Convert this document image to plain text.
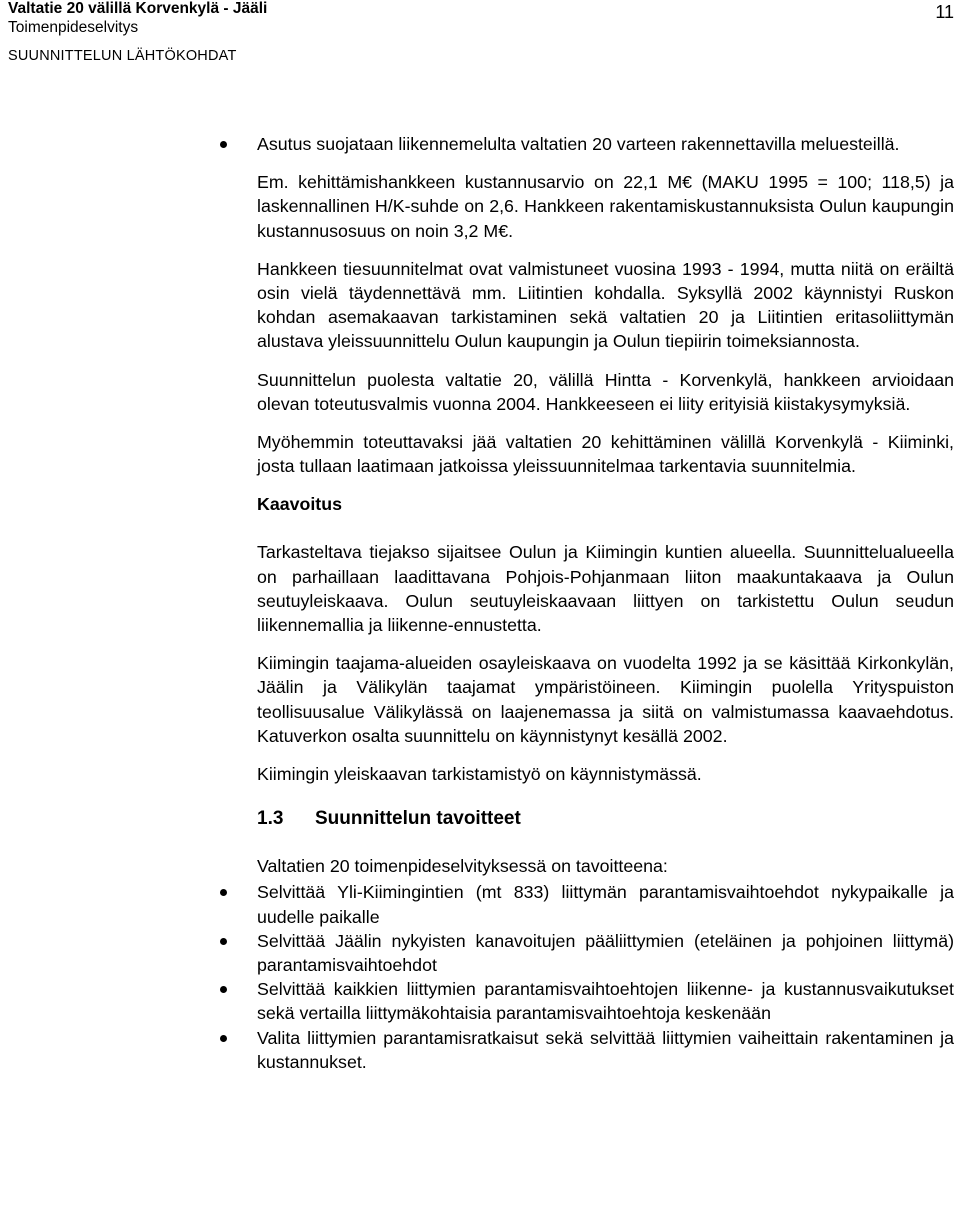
Valtatie 20 välillä Korvenkylä - Jääli
Toimenpideselvitys
SUUNNITTELUN LÄHTÖKOHDAT
11

Asutus suojataan liikennemelulta valtatien 20 varteen rakennettavilla meluesteillä.

Em. kehittämishankkeen kustannusarvio on 22,1 M€ (MAKU 1995 = 100; 118,5) ja laskennallinen H/K-suhde on 2,6. Hankkeen rakentamiskustannuksista Oulun kaupungin kustannusosuus on noin 3,2 M€.

Hankkeen tiesuunnitelmat ovat valmistuneet vuosina 1993 - 1994, mutta niitä on eräiltä osin vielä täydennettävä mm. Liitintien kohdalla. Syksyllä 2002 käynnistyi Ruskon kohdan asemakaavan tarkistaminen sekä valtatien 20 ja Liitintien eritasoliittymän alustava yleissuunnittelu Oulun kaupungin ja Oulun tiepiirin toimeksiannosta.

Suunnittelun puolesta valtatie 20, välillä Hintta - Korvenkylä, hankkeen arvioidaan olevan toteutusvalmis vuonna 2004. Hankkeeseen ei liity erityisiä kiistakysymyksiä.

Myöhemmin toteuttavaksi jää valtatien 20 kehittäminen välillä Korvenkylä - Kiiminki, josta tullaan laatimaan jatkoissa yleissuunnitelmaa tarkentavia suunnitelmia.

Kaavoitus

Tarkasteltava tiejakso sijaitsee Oulun ja Kiimingin kuntien alueella. Suunnittelualueella on parhaillaan laadittavana Pohjois-Pohjanmaan liiton maakuntakaava ja Oulun seutuyleiskaava. Oulun seutuyleiskaavaan liittyen on tarkistettu Oulun seudun liikennemallia ja liikenne-ennustetta.

Kiimingin taajama-alueiden osayleiskaava on vuodelta 1992 ja se käsittää Kirkonkylän, Jäälin ja Välikylän taajamat ympäristöineen. Kiimingin puolella Yrityspuiston teollisuusalue Välikylässä on laajenemassa ja siitä on valmistumassa kaavaehdotus. Katuverkon osalta suunnittelu on käynnistynyt kesällä 2002.

Kiimingin yleiskaavan tarkistamistyö on käynnistymässä.

1.3	Suunnittelun tavoitteet

Valtatien 20 toimenpideselvityksessä on tavoitteena:

Selvittää Yli-Kiimingintien (mt 833) liittymän parantamisvaihtoehdot nykypaikalle ja uudelle paikalle

Selvittää Jäälin nykyisten kanavoitujen pääliittymien (eteläinen ja pohjoinen liittymä) parantamisvaihtoehdot

Selvittää kaikkien liittymien parantamisvaihtoehtojen liikenne- ja kustannusvaikutukset sekä vertailla liittymäkohtaisia parantamisvaihtoehtoja keskenään

Valita liittymien parantamisratkaisut sekä selvittää liittymien vaiheittain rakentaminen ja kustannukset.
